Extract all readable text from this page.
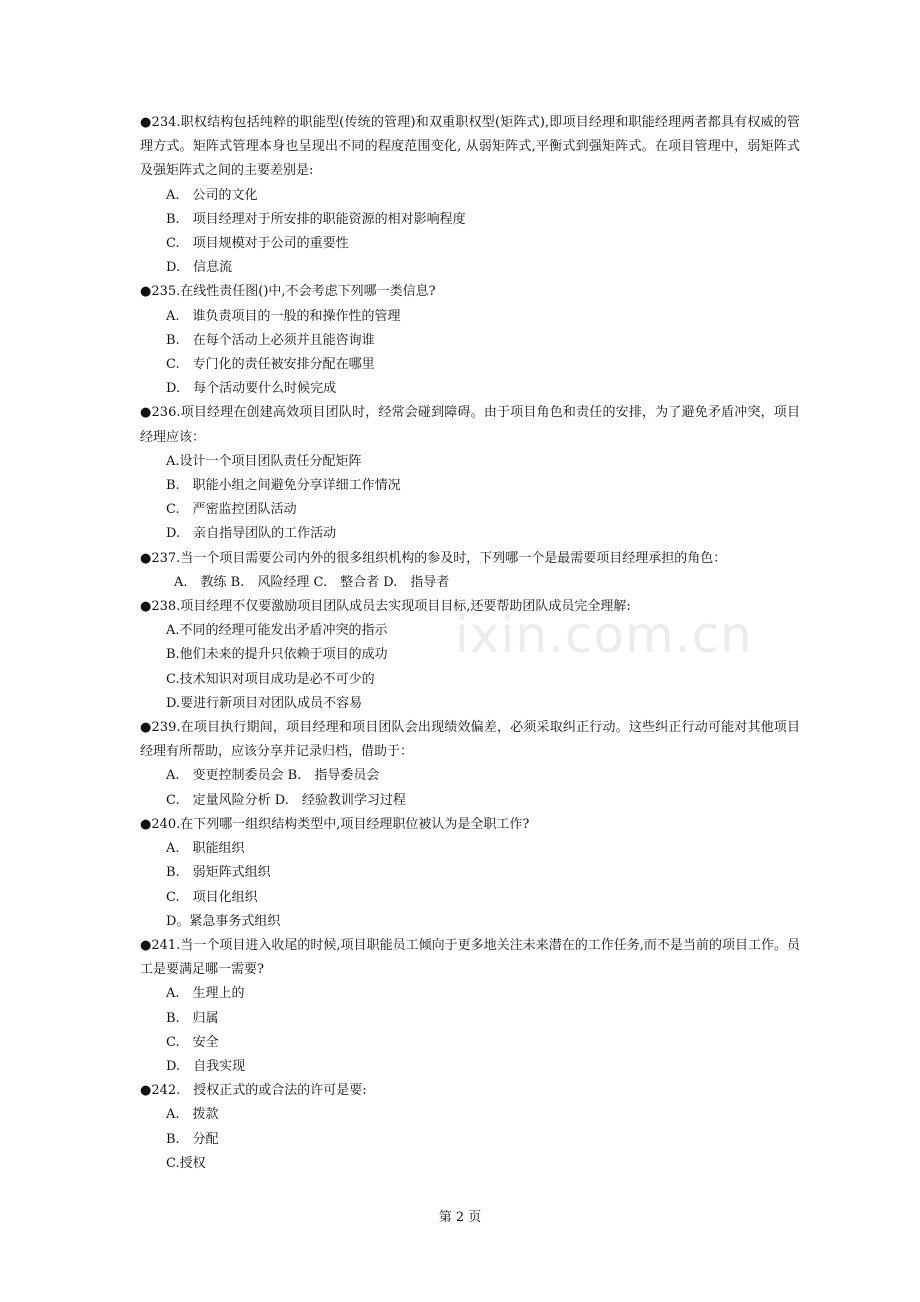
●234.职权结构包括纯粹的职能型(传统的管理)和双重职权型(矩阵式),即项目经理和职能经理两者都具有权威的管理方式。矩阵式管理本身也呈现出不同的程度范围变化, 从弱矩阵式,平衡式到强矩阵式。在项目管理中，弱矩阵式及强矩阵式之间的主要差别是:

A.　公司的文化

B.　项目经理对于所安排的职能资源的相对影响程度

C.　项目规模对于公司的重要性

D.　信息流

●235.在线性责任图()中,不会考虑下列哪一类信息?

A.　谁负责项目的一般的和操作性的管理

B.　在每个活动上必须并且能咨询谁

C.　专门化的责任被安排分配在哪里

D.　每个活动要什么时候完成

●236.项目经理在创建高效项目团队时，经常会碰到障碍。由于项目角色和责任的安排，为了避免矛盾冲突，项目经理应该：

A.设计一个项目团队责任分配矩阵

B.　职能小组之间避免分享详细工作情况

C.　严密监控团队活动

D.　亲自指导团队的工作活动

●237.当一个项目需要公司内外的很多组织机构的参及时，下列哪一个是最需要项目经理承担的角色：

A.　教练 B.　风险经理 C.　整合者 D.　指导者

●238.项目经理不仅要激励项目团队成员去实现项目目标,还要帮助团队成员完全理解:

A.不同的经理可能发出矛盾冲突的指示

B.他们未来的提升只依赖于项目的成功

C.技术知识对项目成功是必不可少的

D.要进行新项目对团队成员不容易

●239.在项目执行期间，项目经理和项目团队会出现绩效偏差，必须采取纠正行动。这些纠正行动可能对其他项目经理有所帮助，应该分享并记录归档，借助于：

A.　变更控制委员会 B.　指导委员会

C.　定量风险分析 D.　经验教训学习过程

●240.在下列哪一组织结构类型中,项目经理职位被认为是全职工作?

A.　职能组织

B.　弱矩阵式组织

C.　项目化组织

D。紧急事务式组织

●241.当一个项目进入收尾的时候,项目职能员工倾向于更多地关注未来潜在的工作任务,而不是当前的项目工作。员工是要满足哪一需要?

A.　生理上的

B.　归属

C.　安全

D.　自我实现

●242.　授权正式的或合法的许可是要:

A.　拨款

B.　分配

C.授权

ixin.com.cn
第 2 页
